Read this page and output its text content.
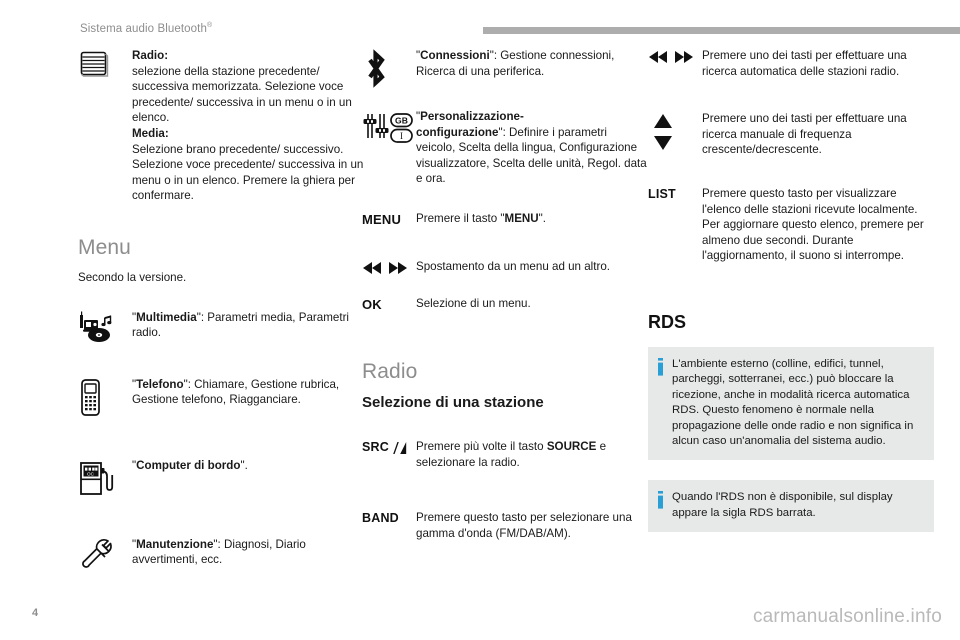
Sistema audio Bluetooth®
Radio:
selezione della stazione precedente/ successiva memorizzata. Selezione voce precedente/ successiva in un menu o in un elenco.
Media:
Selezione brano precedente/ successivo. Selezione voce precedente/ successiva in un menu o in un elenco. Premere la ghiera per confermare.
Menu

Secondo la versione.

"Multimedia": Parametri media, Parametri radio.
"Telefono": Chiamare, Gestione rubrica, Gestione telefono, Riagganciare.
OC
"Computer di bordo".
"Manutenzione": Diagnosi, Diario avvertimenti, ecc.
"Connessioni": Gestione connessioni, Ricerca di una periferica.
GB
I
"Personalizzazione-
configurazione": Definire i parametri veicolo, Scelta della lingua, Configurazione visualizzatore, Scelta delle unità, Regol. data e ora.
MENU Premere il tasto "MENU".
Spostamento da un menu ad un altro.
OK	Selezione di un menu.
Radio
Selezione di una stazione
SRC Premere più volte il tasto SOURCE e selezionare la radio.
BAND Premere questo tasto per selezionare una gamma d'onda (FM/DAB/AM).
Premere uno dei tasti per effettuare una ricerca automatica delle stazioni radio.
Premere uno dei tasti per effettuare una ricerca manuale di frequenza crescente/decrescente.
LIST Premere questo tasto per visualizzare l'elenco delle stazioni ricevute localmente. Per aggiornare questo elenco, premere per almeno due secondi. Durante l'aggiornamento, il suono si interrompe.
RDS
L'ambiente esterno (colline, edifici, tunnel, parcheggi, sotterranei, ecc.) può bloccare la ricezione, anche in modalità ricerca automatica RDS. Questo fenomeno è normale nella propagazione delle onde radio e non significa in alcun caso un'anomalia del sistema audio.
Quando l'RDS non è disponibile, sul display appare la sigla RDS barrata.
4	carmanualsonline.info
